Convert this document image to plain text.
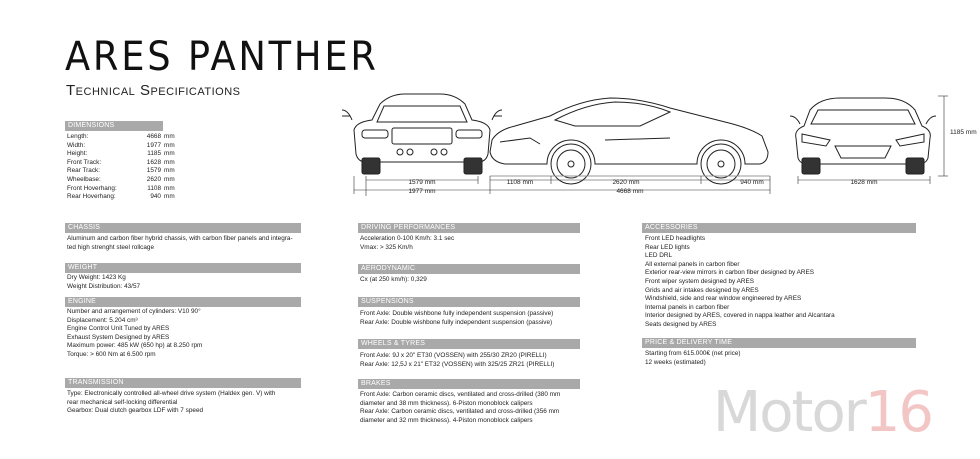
ARES PANTHER
Technical Specifications
DIMENSIONS
Length:	4668 mm
Width:	1977 mm
Height:	1185 mm
Front Track:	1628 mm
Rear Track:	1579 mm
Wheelbase:	2620 mm
Front Hoverhang:	1108 mm
Rear Hoverhang:	940 mm
1579 mm
1977 mm
1108 mm	2620 mm	940 mm
4668 mm
1628 mm
1185 mm
CHASSIS
Aluminum and carbon fiber hybrid chassis, with carbon fiber panels and integra-
ted high strenght steel rollcage
WEIGHT
Dry Weight: 1423 Kg
Weight Distribution: 43/57
ENGINE
Number and arrangement of cylinders: V10 90°
Displacement: 5.204 cm³
Engine Control Unit Tuned by ARES
Exhaust System Designed by ARES
Maximum power: 485 kW (650 hp) at 8.250 rpm
Torque: > 600 Nm at 6.500 rpm
TRANSMISSION
Type: Electronically controlled all-wheel drive system (Haldex gen. V) with
rear mechanical self-locking differential
Gearbox: Dual clutch gearbox LDF with 7 speed
DRIVING PERFORMANCES
Acceleration 0-100 Km/h: 3.1 sec
Vmax: > 325 Km/h
AERODYNAMIC
Cx (at 250 km/h): 0,329
SUSPENSIONS
Front Axle: Double wishbone fully independent suspension (passive)
Rear Axle: Double wishbone fully independent suspension (passive)
WHEELS & TYRES
Front Axle: 9J x 20" ET30 (VOSSEN) with 255/30 ZR20 (PIRELLI)
Rear Axle: 12,5J x 21" ET32 (VOSSEN) with 325/25 ZR21 (PIRELLI)
BRAKES
Front Axle: Carbon ceramic discs, ventilated and cross-drilled (380 mm
diameter and 38 mm thickness). 6-Piston monoblock calipers
Rear Axle: Carbon ceramic discs, ventilated and cross-drilled (356 mm
diameter and 32 mm thickness). 4-Piston monoblock calipers
ACCESSORIES
Front LED headlights
Rear LED lights
LED DRL
All external panels in carbon fiber
Exterior rear-view mirrors in carbon fiber designed by ARES
Front wiper system designed by ARES
Grids and air intakes designed by ARES
Windshield, side and rear window engineered by ARES
Internal panels in carbon fiber
Interior designed by ARES, covered in nappa leather and Alcantara
Seats designed by ARES
PRICE & DELIVERY TIME
Starting from 615.000€ (net price)
12 weeks (estimated)
Motor16
